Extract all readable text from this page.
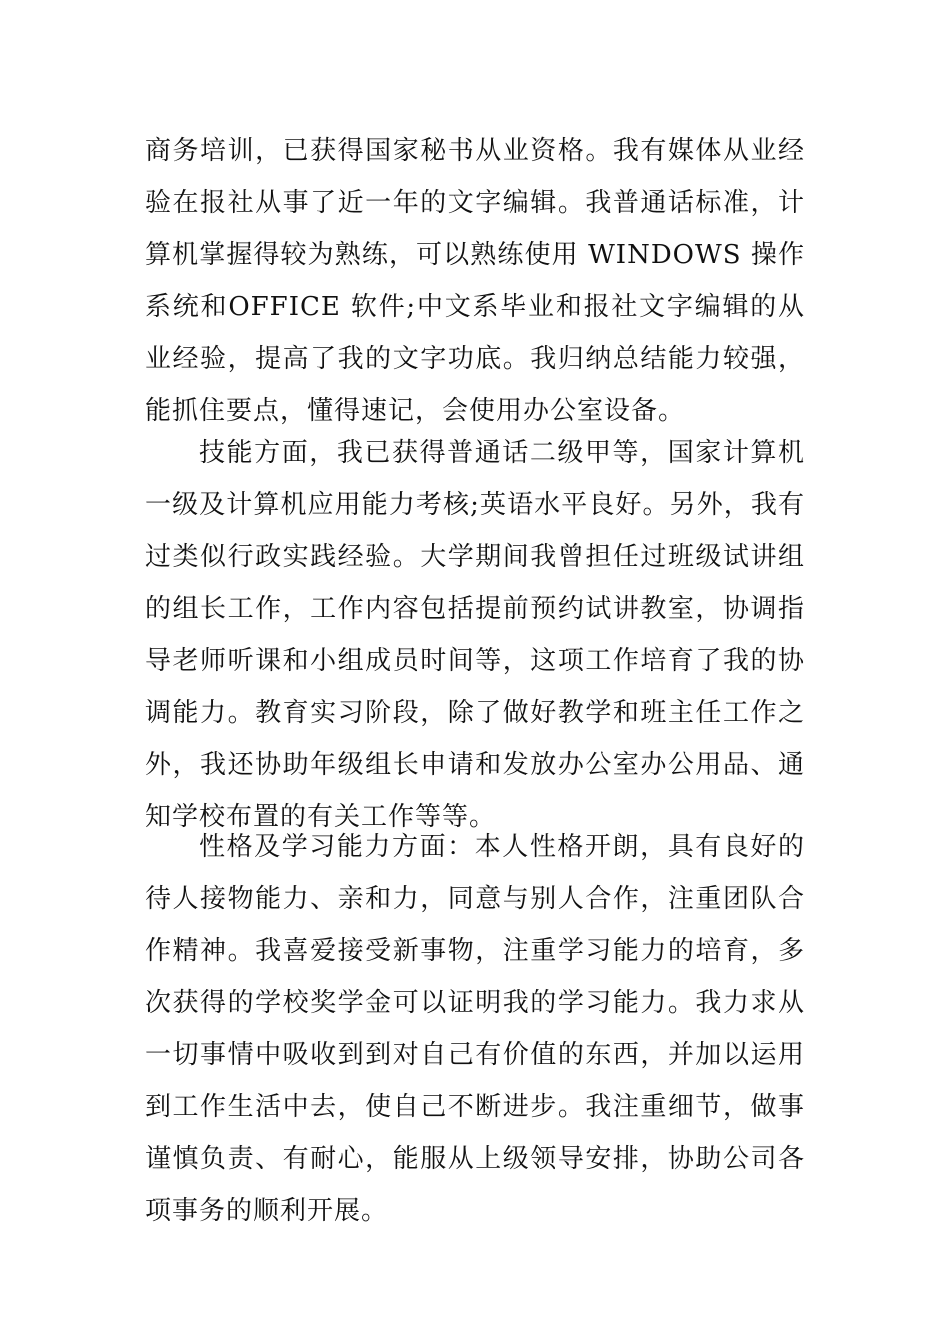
商务培训，已获得国家秘书从业资格。我有媒体从业经验在报社从事了近一年的文字编辑。我普通话标准，计算机掌握得较为熟练，可以熟练使用 WINDOWS 操作系统和OFFICE 软件;中文系毕业和报社文字编辑的从业经验，提高了我的文字功底。我归纳总结能力较强，能抓住要点，懂得速记，会使用办公室设备。

技能方面，我已获得普通话二级甲等，国家计算机一级及计算机应用能力考核;英语水平良好。另外，我有过类似行政实践经验。大学期间我曾担任过班级试讲组的组长工作，工作内容包括提前预约试讲教室，协调指导老师听课和小组成员时间等，这项工作培育了我的协调能力。教育实习阶段，除了做好教学和班主任工作之外，我还协助年级组长申请和发放办公室办公用品、通知学校布置的有关工作等等。

性格及学习能力方面：本人性格开朗，具有良好的待人接物能力、亲和力，同意与别人合作，注重团队合作精神。我喜爱接受新事物，注重学习能力的培育，多次获得的学校奖学金可以证明我的学习能力。我力求从一切事情中吸收到到对自己有价值的东西，并加以运用到工作生活中去，使自己不断进步。我注重细节，做事谨慎负责、有耐心，能服从上级领导安排，协助公司各项事务的顺利开展。
